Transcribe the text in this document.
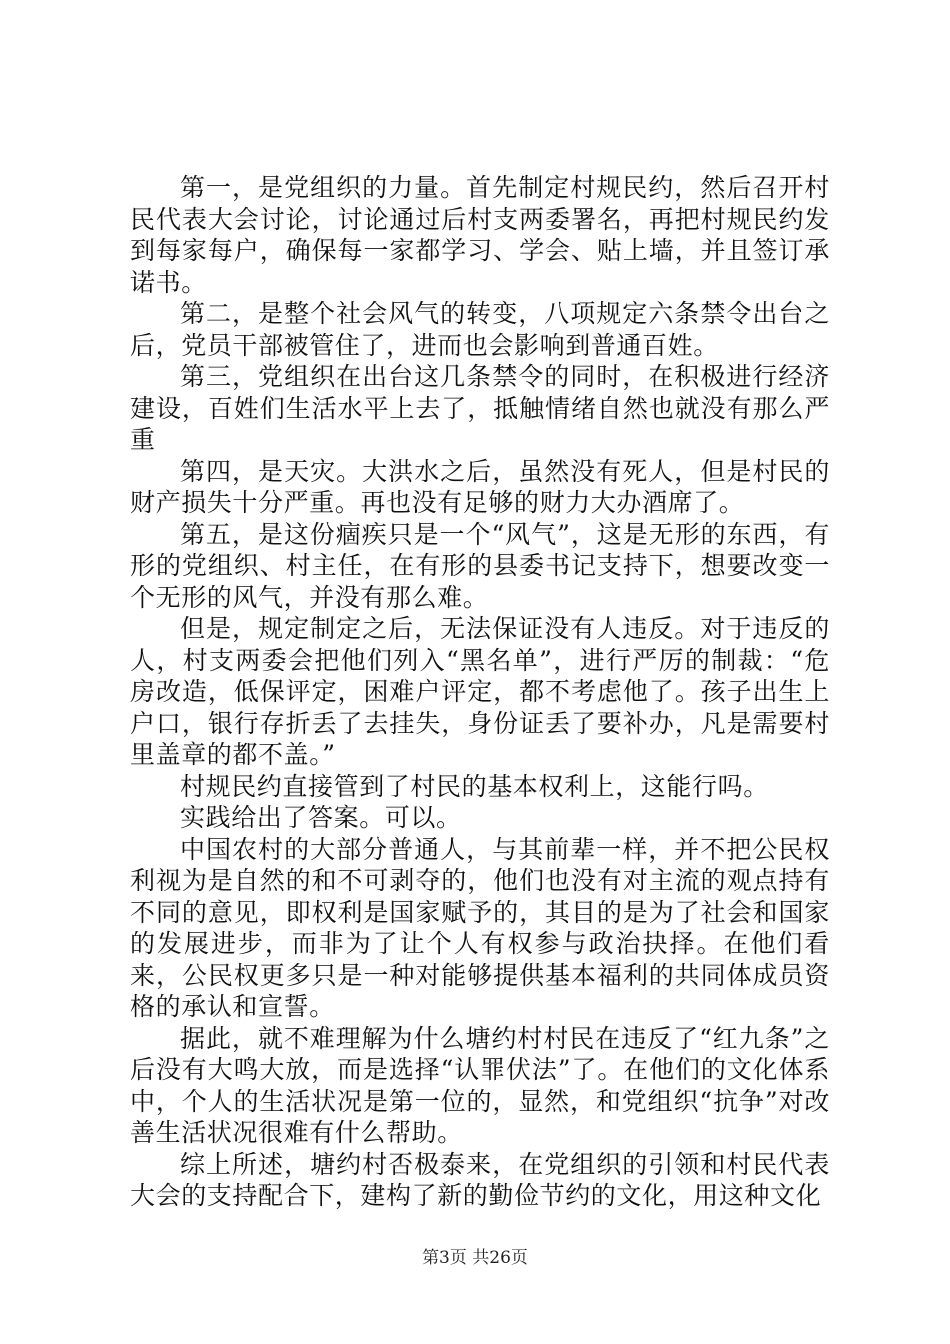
第一，是党组织的力量。首先制定村规民约，然后召开村民代表大会讨论，讨论通过后村支两委署名，再把村规民约发到每家每户，确保每一家都学习、学会、贴上墙，并且签订承诺书。

第二，是整个社会风气的转变，八项规定六条禁令出台之后，党员干部被管住了，进而也会影响到普通百姓。

第三，党组织在出台这几条禁令的同时，在积极进行经济建设，百姓们生活水平上去了，抵触情绪自然也就没有那么严重

第四，是天灾。大洪水之后，虽然没有死人，但是村民的财产损失十分严重。再也没有足够的财力大办酒席了。

第五，是这份痼疾只是一个“风气”，这是无形的东西，有形的党组织、村主任，在有形的县委书记支持下，想要改变一个无形的风气，并没有那么难。

但是，规定制定之后，无法保证没有人违反。对于违反的人，村支两委会把他们列入“黑名单”，进行严厉的制裁：“危房改造，低保评定，困难户评定，都不考虑他了。孩子出生上户口，银行存折丢了去挂失，身份证丢了要补办，凡是需要村里盖章的都不盖。”

村规民约直接管到了村民的基本权利上，这能行吗。

实践给出了答案。可以。

中国农村的大部分普通人，与其前辈一样，并不把公民权利视为是自然的和不可剥夺的，他们也没有对主流的观点持有不同的意见，即权利是国家赋予的，其目的是为了社会和国家的发展进步，而非为了让个人有权参与政治抉择。在他们看来，公民权更多只是一种对能够提供基本福利的共同体成员资格的承认和宣誓。

据此，就不难理解为什么塘约村村民在违反了“红九条”之后没有大鸣大放，而是选择“认罪伏法”了。在他们的文化体系中，个人的生活状况是第一位的，显然，和党组织“抗争”对改善生活状况很难有什么帮助。

综上所述，塘约村否极泰来，在党组织的引领和村民代表大会的支持配合下，建构了新的勤俭节约的文化，用这种文化

第3页 共26页
